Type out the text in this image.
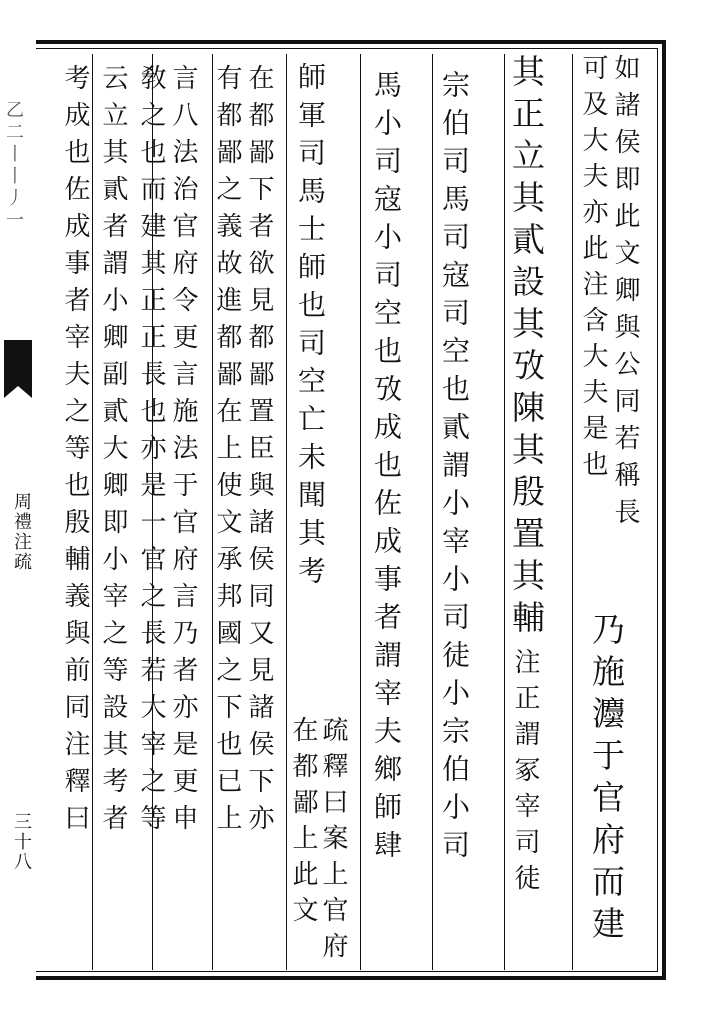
乙二丨丨丿一
周禮注疏
三十八
如諸侯即此文卿與公同若稱長
可及大夫亦此注含大夫是也
乃施灋于官府而建
其正立其貳設其攷陳其殷置其輔
注正謂冢宰司徒
宗伯司馬司寇司空也貳謂小宰小司徒小宗伯小司
馬小司寇小司空也攷成也佐成事者謂宰夫鄉師肆
師軍司馬士師也司空亡未聞其考
疏釋曰案上官府
在都鄙上此文
在都鄙下者欲見都鄙置臣與諸侯同又見諸侯下亦
有都鄙之義故進都鄙在上使文承邦國之下也已上
言八法治官府令更言施法于官府言乃者亦是更申
敎之也而建其正正長也亦是一官之長若大宰之等
云立其貳者謂小卿副貳大卿即小宰之等設其考者
考成也佐成事者宰夫之等也殷輔義與前同注釋曰
